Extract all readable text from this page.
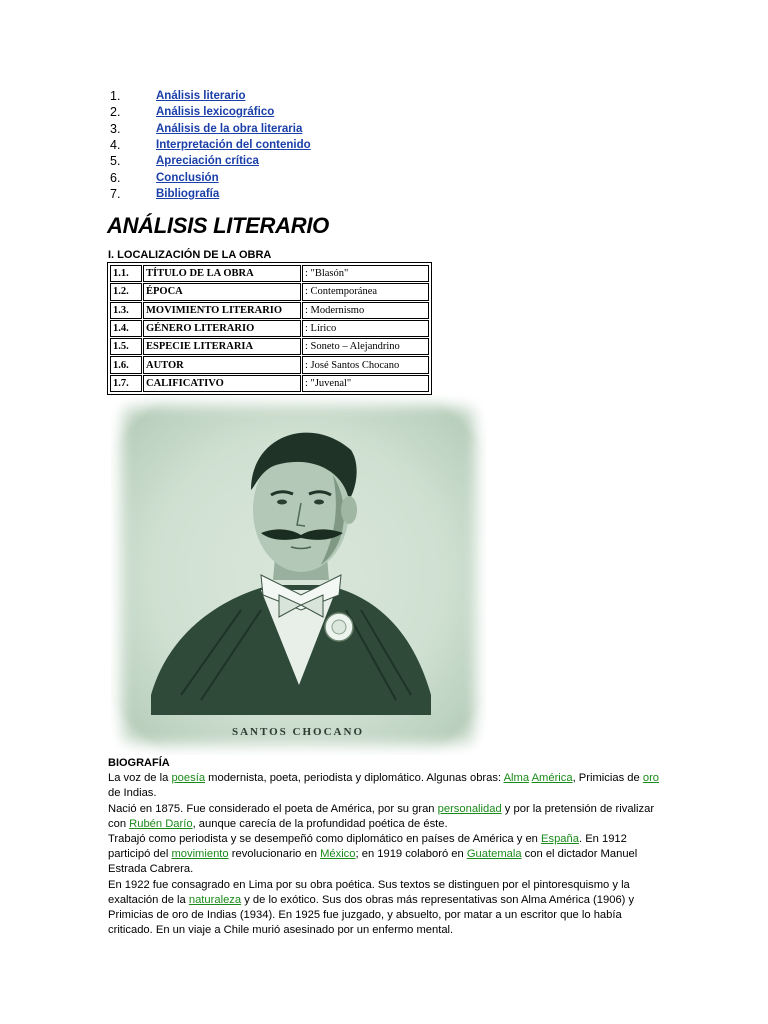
1.	Análisis literario
2.	Análisis lexicográfico
3.	Análisis de la obra literaria
4.	Interpretación del contenido
5.	Apreciación crítica
6.	Conclusión
7.	Bibliografía
ANÁLISIS LITERARIO
I. LOCALIZACIÓN DE LA OBRA
1.1.	TÍTULO DE LA OBRA	: "Blasón"
1.2.	ÉPOCA	: Contemporánea
1.3.	MOVIMIENTO LITERARIO	: Modernismo
1.4.	GÉNERO LITERARIO	: Lírico
1.5.	ESPECIE LITERARIA	: Soneto – Alejandrino
1.6.	AUTOR	: José Santos Chocano
1.7.	CALIFICATIVO	: "Juvenal"
SANTOS CHOCANO
BIOGRAFÍA
La voz de la poesía modernista, poeta, periodista y diplomático. Algunas obras: Alma América, Primicias de oro de Indias.
Nació en 1875. Fue considerado el poeta de América, por su gran personalidad y por la pretensión de rivalizar con Rubén Darío, aunque carecía de la profundidad poética de éste.
Trabajó como periodista y se desempeñó como diplomático en países de América y en España. En 1912 participó del movimiento revolucionario en México; en 1919 colaboró en Guatemala con el dictador Manuel Estrada Cabrera.
En 1922 fue consagrado en Lima por su obra poética. Sus textos se distinguen por el pintoresquismo y la exaltación de la naturaleza y de lo exótico. Sus dos obras más representativas son Alma América (1906) y Primicias de oro de Indias (1934). En 1925 fue juzgado, y absuelto, por matar a un escritor que lo había criticado. En un viaje a Chile murió asesinado por un enfermo mental.
